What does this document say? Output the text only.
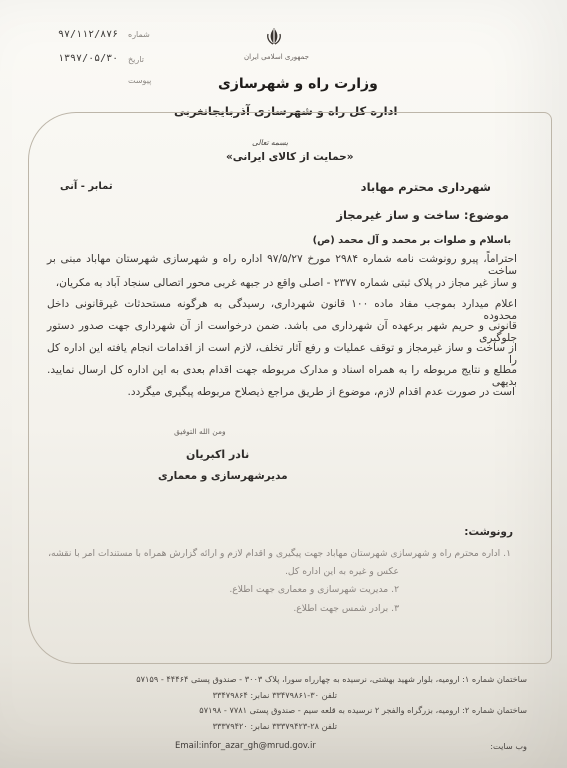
جمهوری اسلامی ایران
وزارت راه و شهرسازی
اداره کل راه و شهرسازی آذربایجانغربی
بسمه تعالی
«حمایت از کالای ایرانی»
۹۷/۱۱۲/۸۷۶ شماره
۱۳۹۷/۰۵/۳۰ تاریخ
پیوست
شهرداری محترم مهاباد
تمابر - آنی
موضوع: ساخت و ساز غیرمجاز
باسلام و صلوات بر محمد و آل محمد (ص)
احتراماً، پیرو رونوشت نامه شماره ۲۹۸۴ مورخ ۹۷/۵/۲۷ اداره راه و شهرسازی شهرستان مهاباد مبنی بر ساخت
و ساز غیر مجاز در پلاک ثبتی شماره ۲۳۷۷ - اصلی واقع در جبهه غربی محور اتصالی سنجاد آباد به مکریان،
اعلام میدارد بموجب مفاد ماده ۱۰۰ قانون شهرداری، رسیدگی به هرگونه مستحدثات غیرقانونی داخل محدوده
قانونی و حریم شهر برعهده آن شهرداری می باشد. ضمن درخواست از آن شهرداری جهت صدور دستور جلوگیری
از ساخت و ساز غیرمجاز و توقف عملیات و رفع آثار تخلف، لازم است از اقدامات انجام یافته این اداره کل را
مطلع و نتایج مربوطه را به همراه اسناد و مدارک مربوطه جهت اقدام بعدی به این اداره کل ارسال نمایید. بدیهی
است در صورت عدم اقدام لازم، موضوع از طریق مراجع ذیصلاح مربوطه پیگیری میگردد.
ومن الله التوفیق
نادر اکبریان
مدیرشهرسازی و معماری
رونوشت:
۱. اداره محترم راه و شهرسازی شهرستان مهاباد جهت پیگیری و اقدام لازم و ارائه گزارش همراه با مستندات امر با نقشه،
عکس و غیره به این اداره کل.
۲. مدیریت شهرسازی و معماری جهت اطلاع.
۳. برادر شمس جهت اطلاع.
ساختمان شماره ۱: ارومیه، بلوار شهید بهشتی، نرسیده به چهارراه سورا، پلاک ۳۰۰۳ - صندوق پستی ۴۴۴۶۴ - ۵۷۱۵۹
تلفن ۳۰-۳۳۴۷۹۸۶۱ نمابر: ۳۳۴۷۹۸۶۴
ساختمان شماره ۲: ارومیه، بزرگراه والفجر ۲ نرسیده به قلعه سیم - صندوق پستی ۷۷۸۱ - ۵۷۱۹۸
تلفن ۲۸-۳۳۳۷۹۴۲۳ نمابر: ۳۳۳۷۹۴۲۰
وب سایت:
Email:infor_azar_gh@mrud.gov.ir
